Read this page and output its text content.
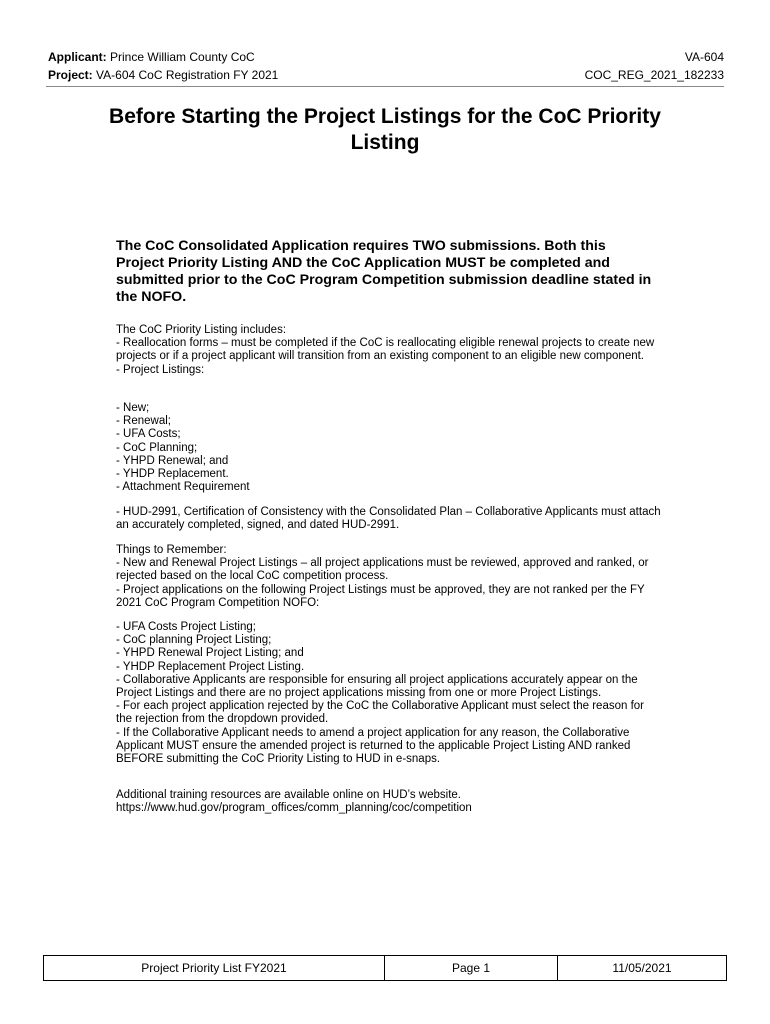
Applicant: Prince William County CoC
Project: VA-604 CoC Registration FY 2021
VA-604
COC_REG_2021_182233
Before Starting the Project Listings for the CoC Priority Listing
The CoC Consolidated Application requires TWO submissions. Both this Project Priority Listing AND the CoC Application MUST be completed and submitted prior to the CoC Program Competition submission deadline stated in the NOFO.
The CoC Priority Listing includes:
- Reallocation forms – must be completed if the CoC is reallocating eligible renewal projects to create new projects or if a project applicant will transition from an existing component to an eligible new component.
- Project Listings:
- New;
- Renewal;
- UFA Costs;
- CoC Planning;
- YHPD Renewal; and
- YHDP Replacement.
- Attachment Requirement
- HUD-2991, Certification of Consistency with the Consolidated Plan – Collaborative Applicants must attach an accurately completed, signed, and dated HUD-2991.
Things to Remember:
- New and Renewal Project Listings – all project applications must be reviewed, approved and ranked, or rejected based on the local CoC competition process.
- Project applications on the following Project Listings must be approved, they are not ranked per the FY 2021 CoC Program Competition NOFO:
- UFA Costs Project Listing;
- CoC planning Project Listing;
- YHPD Renewal Project Listing; and
- YHDP Replacement Project Listing.
- Collaborative Applicants are responsible for ensuring all project applications accurately appear on the Project Listings and there are no project applications missing from one or more Project Listings.
- For each project application rejected by the CoC the Collaborative Applicant must select the reason for the rejection from the dropdown provided.
- If the Collaborative Applicant needs to amend a project application for any reason, the Collaborative Applicant MUST ensure the amended project is returned to the applicable Project Listing AND ranked BEFORE submitting the CoC Priority Listing to HUD in e-snaps.
Additional training resources are available online on HUD’s website.
https://www.hud.gov/program_offices/comm_planning/coc/competition
Project Priority List FY2021	Page 1	11/05/2021
